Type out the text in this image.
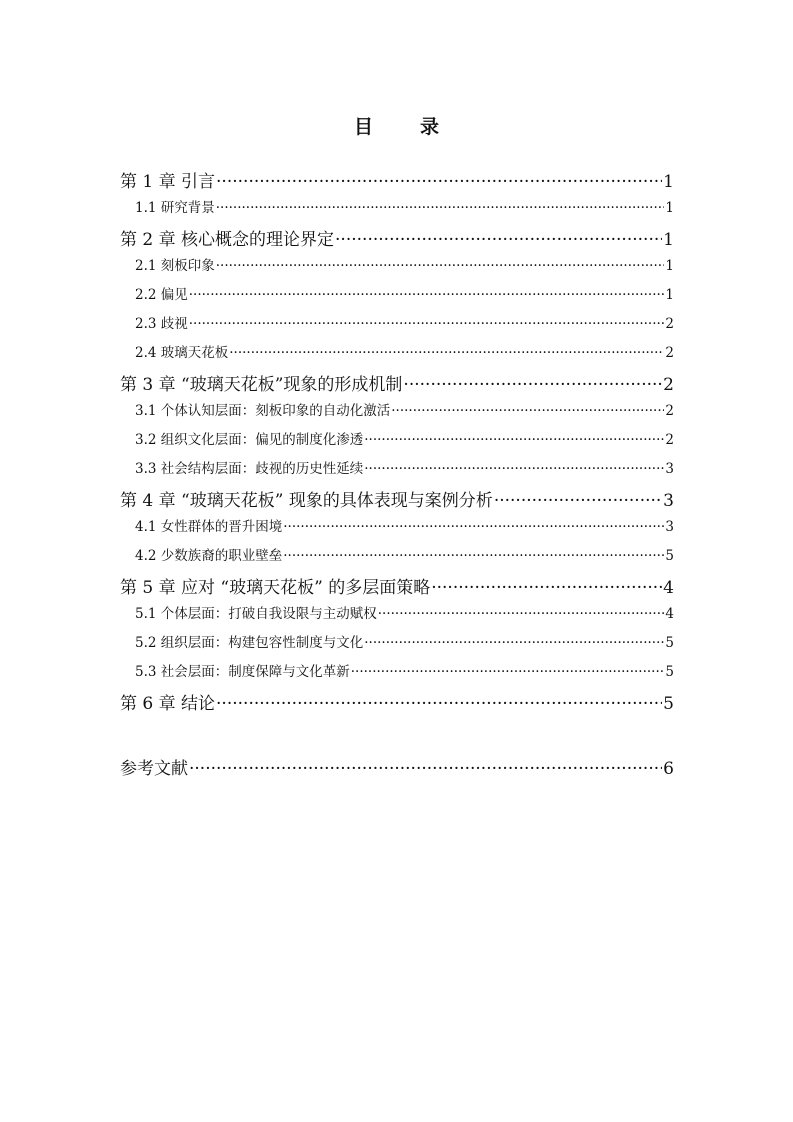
目　录
第 1 章 引言 ·····	1
1.1 研究背景 ·····	1
第 2 章 核心概念的理论界定 ·····	1
2.1 刻板印象 ·····	1
2.2 偏见 ·····	1
2.3 歧视 ·····	2
2.4 玻璃天花板 ·····	2
第 3 章 “玻璃天花板”现象的形成机制 ·····	2
3.1 个体认知层面：刻板印象的自动化激活 ·····	2
3.2 组织文化层面：偏见的制度化渗透 ·····	2
3.3 社会结构层面：歧视的历史性延续 ·····	3
第 4 章 “玻璃天花板” 现象的具体表现与案例分析 ·····	3
4.1 女性群体的晋升困境 ·····	3
4.2 少数族裔的职业壁垒 ·····	5
第 5 章 应对 “玻璃天花板” 的多层面策略 ·····	4
5.1 个体层面：打破自我设限与主动赋权 ·····	4
5.2 组织层面：构建包容性制度与文化 ·····	5
5.3 社会层面：制度保障与文化革新 ·····	5
第 6 章 结论 ·····	5
参考文献 ·····	6
